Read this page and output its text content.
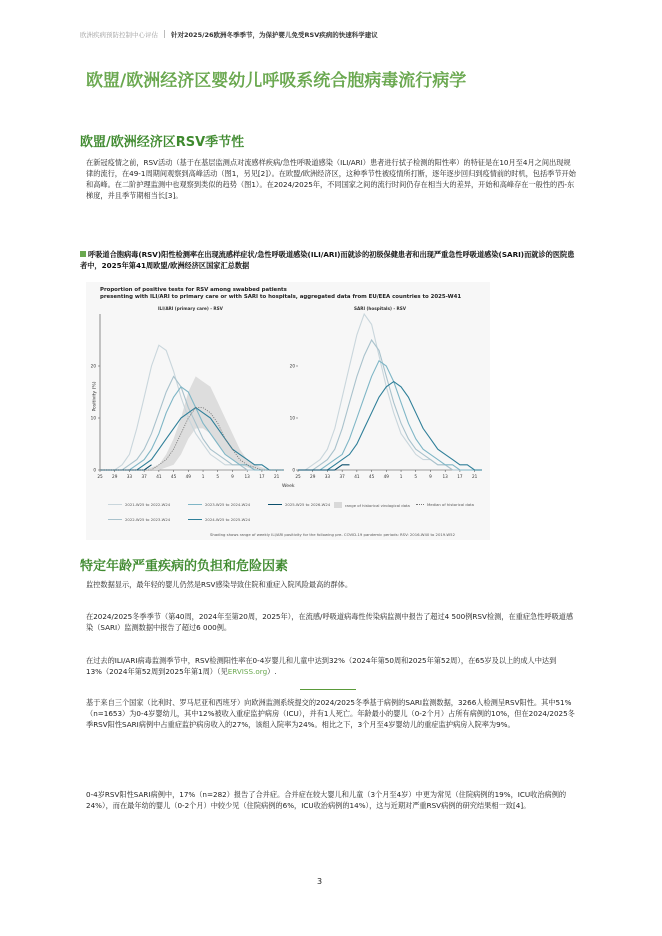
欧洲疾病预防控制中心评估 针对2025/26欧洲冬季季节，为保护婴儿免受RSV疾病的快速科学建议
欧盟/欧洲经济区婴幼儿呼吸系统合胞病毒流行病学
欧盟/欧洲经济区RSV季节性

在新冠疫情之前，RSV活动（基于在基层监测点对流感样疾病/急性呼吸道感染（ILI/ARI）患者进行拭子检测的阳性率）的特征是在10月至4月之间出现规律的流行，在49-1周期间观察到高峰活动（图1，另见[2]）。在欧盟/欧洲经济区，这种季节性被疫情所打断，逐年逐步回归到疫情前的时机，包括季节开始和高峰。在二阶护理监测中也观察到类似的趋势（图1）。在2024/2025年，不同国家之间的流行时间仍存在相当大的差异，开始和高峰存在一般性的西-东梯度，并且季节期相当长[3]。

呼吸道合胞病毒(RSV)阳性检测率在出现流感样症状/急性呼吸道感染(ILI/ARI)而就诊的初级保健患者和出现严重急性呼吸道感染(SARI)而就诊的医院患者中，2025年第41周欧盟/欧洲经济区国家汇总数据
Proportion of positive tests for RSV among swabbed patients
presenting with ILI/ARI to primary care or with SARI to hospitals, aggregated data from EU/EEA countries to 2025-W41
ILI/ARI (primary care) - RSV	SARI (hospitals) - RSV
Positivity (%)
Week
0
10
20
25 29 33 37 41 45 49	1	5	9	13 17 21
0
10
20
25 29 33 37 41 45 49	1	5	9	13 17 21
2021-W25 to 2022-W24	2023-W25 to 2024-W24	2025-W25 to 2026-W24	range of historical virological data	Median of historical data
2022-W25 to 2023-W24	2024-W25 to 2025-W24
Shading shows range of weekly ILI/ARI positivity for the following pre- COVID-19 pandemic periods: RSV: 2016-W40 to 2019-W52
特定年龄严重疾病的负担和危险因素

监控数据显示，最年轻的婴儿仍然是RSV感染导致住院和重症入院风险最高的群体。

在2024/2025冬季季节（第40周，2024年至第20周，2025年），在流感/呼吸道病毒性传染病监测中报告了超过4 500例RSV检测，在重症急性呼吸道感染（SARI）监测数据中报告了超过6 000例。

在过去的ILI/ARI病毒监测季节中，RSV检测阳性率在0-4岁婴儿和儿童中达到32%（2024年第50周和2025年第52周），在65岁及以上的成人中达到13%（2024年第52周到2025年第1周）（见ERVISS.org）.

基于来自三个国家（比利时、罗马尼亚和西班牙）向欧洲监测系统提交的2024/2025冬季基于病例的SARI监测数据，3266人检测呈RSV阳性。其中51%（n=1653）为0-4岁婴幼儿，其中12%被收入重症监护病房（ICU），并有1人死亡。年龄最小的婴儿（0-2个月）占所有病例的10%，但在2024/2025冬季RSV阳性SARI病例中占重症监护病房收入的27%，该组入院率为24%。相比之下，3个月至4岁婴幼儿的重症监护病房入院率为9%。

0-4岁RSV阳性SARI病例中，17%（n=282）报告了合并症。合并症在较大婴儿和儿童（3个月至4岁）中更为常见（住院病例的19%，ICU收治病例的24%），而在最年幼的婴儿（0-2个月）中较少见（住院病例的6%，ICU收治病例的14%），这与近期对严重RSV病例的研究结果相一致[4]。

3
